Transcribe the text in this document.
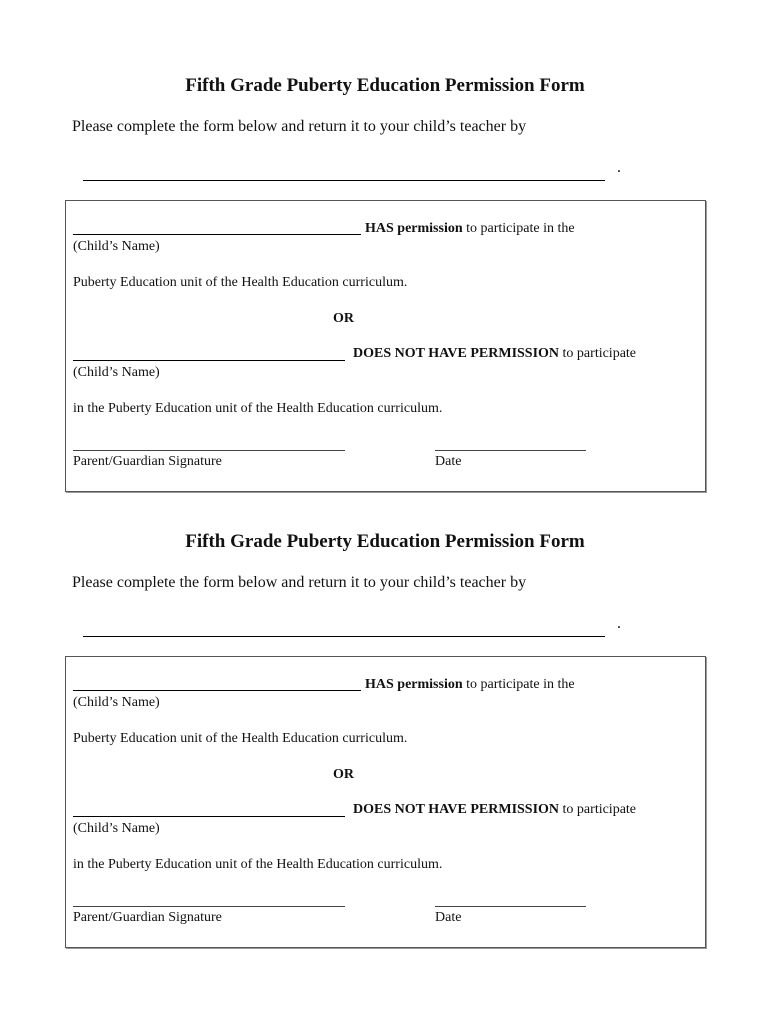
Fifth Grade Puberty Education Permission Form
Please complete the form below and return it to your child’s teacher by
.
HAS permission to participate in the
(Child’s Name)
Puberty Education unit of the Health Education curriculum.
OR
DOES NOT HAVE PERMISSION to participate
(Child’s Name)
in the Puberty Education unit of the Health Education curriculum.
Parent/Guardian Signature	Date
Fifth Grade Puberty Education Permission Form
Please complete the form below and return it to your child’s teacher by
.
HAS permission to participate in the
(Child’s Name)
Puberty Education unit of the Health Education curriculum.
OR
DOES NOT HAVE PERMISSION to participate
(Child’s Name)
in the Puberty Education unit of the Health Education curriculum.
Parent/Guardian Signature	Date
